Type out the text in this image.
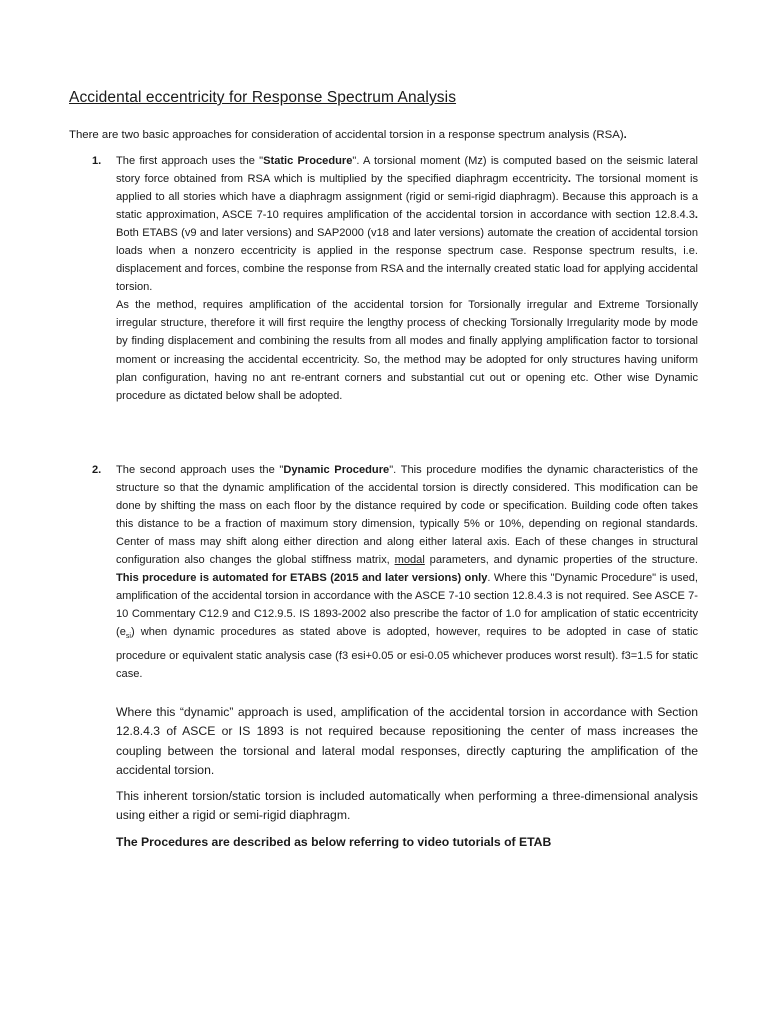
Accidental eccentricity for Response Spectrum Analysis
There are two basic approaches for consideration of accidental torsion in a response spectrum analysis (RSA).
1. The first approach uses the "Static Procedure". A torsional moment (Mz) is computed based on the seismic lateral story force obtained from RSA which is multiplied by the specified diaphragm eccentricity. The torsional moment is applied to all stories which have a diaphragm assignment (rigid or semi-rigid diaphragm). Because this approach is a static approximation, ASCE 7-10 requires amplification of the accidental torsion in accordance with section 12.8.4.3. Both ETABS (v9 and later versions) and SAP2000 (v18 and later versions) automate the creation of accidental torsion loads when a nonzero eccentricity is applied in the response spectrum case. Response spectrum results, i.e. displacement and forces, combine the response from RSA and the internally created static load for applying accidental torsion.

As the method, requires amplification of the accidental torsion for Torsionally irregular and Extreme Torsionally irregular structure, therefore it will first require the lengthy process of checking Torsionally Irregularity mode by mode by finding displacement and combining the results from all modes and finally applying amplification factor to torsional moment or increasing the accidental eccentricity. So, the method may be adopted for only structures having uniform plan configuration, having no ant re-entrant corners and substantial cut out or opening etc. Other wise Dynamic procedure as dictated below shall be adopted.

2. The second approach uses the "Dynamic Procedure". This procedure modifies the dynamic characteristics of the structure so that the dynamic amplification of the accidental torsion is directly considered. This modification can be done by shifting the mass on each floor by the distance required by code or specification. Building code often takes this distance to be a fraction of maximum story dimension, typically 5% or 10%, depending on regional standards. Center of mass may shift along either direction and along either lateral axis. Each of these changes in structural configuration also changes the global stiffness matrix, modal parameters, and dynamic properties of the structure. This procedure is automated for ETABS (2015 and later versions) only. Where this "Dynamic Procedure" is used, amplification of the accidental torsion in accordance with the ASCE 7-10 section 12.8.4.3 is not required. See ASCE 7-10 Commentary C12.9 and C12.9.5. IS 1893-2002 also prescribe the factor of 1.0 for amplication of static eccentricity $(e_{si})$ when dynamic procedures as stated above is adopted, however, requires to be adopted in case of static procedure or equivalent static analysis case (f3 esi+0.05 or esi-0.05 whichever produces worst result). f3=1.5 for static case.

Where this “dynamic” approach is used, amplification of the accidental torsion in accordance with Section 12.8.4.3 of ASCE or IS 1893 is not required because repositioning the center of mass increases the coupling between the torsional and lateral modal responses, directly capturing the amplification of the accidental torsion.
This inherent torsion/static torsion is included automatically when performing a three-dimensional analysis using either a rigid or semi-rigid diaphragm.
The Procedures are described as below referring to video tutorials of ETAB
